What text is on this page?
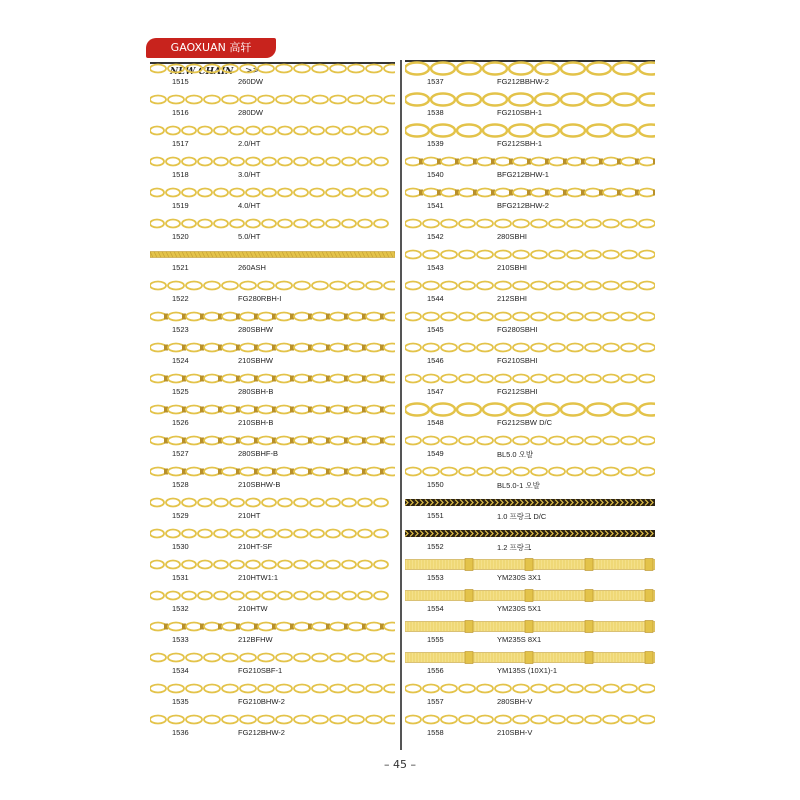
GAOXUAN 高轩
NEW CHAIN >>
1515	260DW
1516	280DW
1517	2.0/HT
1518	3.0/HT
1519	4.0/HT
1520	5.0/HT
1521	260ASH
1522	FG280RBH-I
1523	280SBHW
1524	210SBHW
1525	280SBH-B
1526	210SBH-B
1527	280SBHF-B
1528	210SBHW-B
1529	210HT
1530	210HT-SF
1531	210HTW1:1
1532	210HTW
1533	212BFHW
1534	FG210SBF-1
1535	FG210BHW-2
1536	FG212BHW-2
1537	FG212BBHW-2
1538	FG210SBH-1
1539	FG212SBH-1
1540	BFG212BHW-1
1541	BFG212BHW-2
1542	280SBHI
1543	210SBHI
1544	212SBHI
1545	FG280SBHI
1546	FG210SBHI
1547	FG212SBHI
1548	FG212SBW D/C
1549	BL5.0 오발
1550	BL5.0-1 오발
1551	1.0 프랑크 D/C
1552	1.2 프랑크
1553	YM230S 3X1
1554	YM230S 5X1
1555	YM235S 8X1
1556	YM135S (10X1)-1
1557	280SBH-V
1558	210SBH-V
– 45 –
